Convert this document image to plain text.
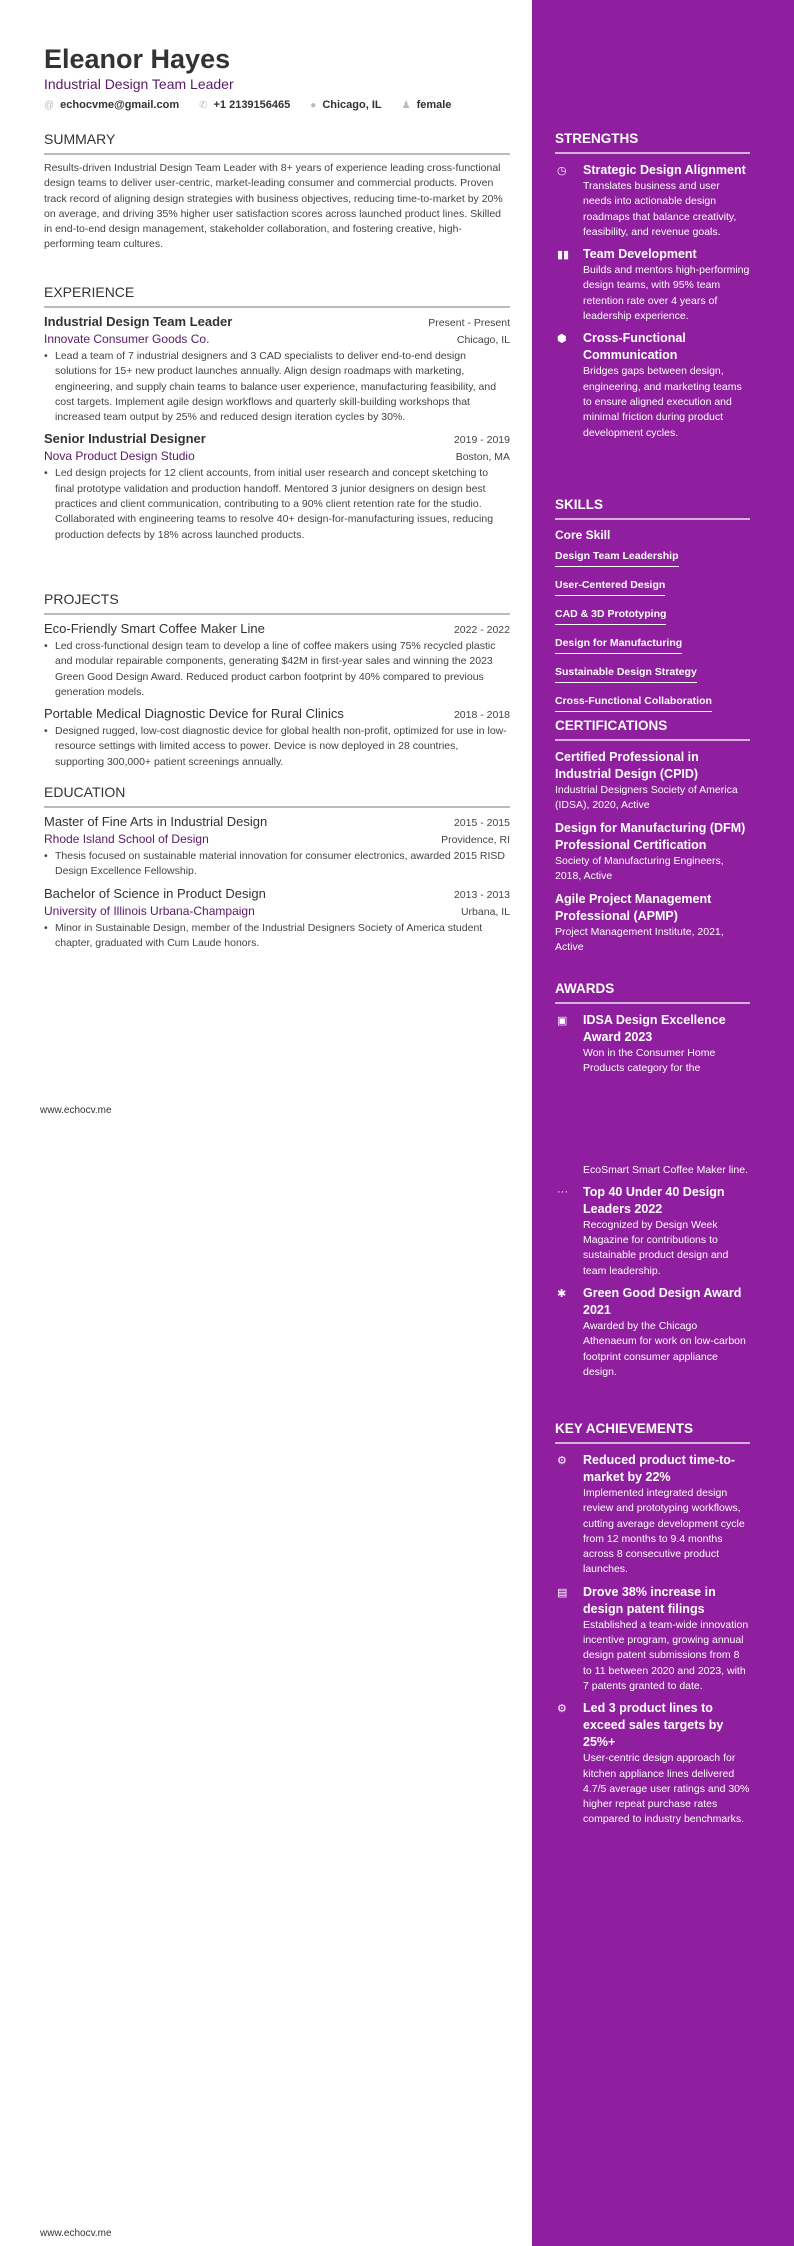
Eleanor Hayes
Industrial Design Team Leader
@ echocvme@gmail.com ✆ +1 2139156465 ● Chicago, IL ♟ female
SUMMARY

Results-driven Industrial Design Team Leader with 8+ years of experience leading cross-functional design teams to deliver user-centric, market-leading consumer and commercial products. Proven track record of aligning design strategies with business objectives, reducing time-to-market by 20% on average, and driving 35% higher user satisfaction scores across launched product lines. Skilled in end-to-end design management, stakeholder collaboration, and fostering creative, high-performing team cultures.

EXPERIENCE
Industrial Design Team Leader	Present - Present
Innovate Consumer Goods Co.	Chicago, IL
• Lead a team of 7 industrial designers and 3 CAD specialists to deliver end-to-end design solutions for 15+ new product launches annually. Align design roadmaps with marketing, engineering, and supply chain teams to balance user experience, manufacturing feasibility, and cost targets. Implement agile design workflows and quarterly skill-building workshops that increased team output by 25% and reduced design iteration cycles by 30%.
Senior Industrial Designer	2019 - 2019
Nova Product Design Studio	Boston, MA
• Led design projects for 12 client accounts, from initial user research and concept sketching to final prototype validation and production handoff. Mentored 3 junior designers on design best practices and client communication, contributing to a 90% client retention rate for the studio. Collaborated with engineering teams to resolve 40+ design-for-manufacturing issues, reducing production defects by 18% across launched products.
PROJECTS
Eco-Friendly Smart Coffee Maker Line	2022 - 2022
• Led cross-functional design team to develop a line of coffee makers using 75% recycled plastic and modular repairable components, generating $42M in first-year sales and winning the 2023 Green Good Design Award. Reduced product carbon footprint by 40% compared to previous generation models.
Portable Medical Diagnostic Device for Rural Clinics	2018 - 2018
• Designed rugged, low-cost diagnostic device for global health non-profit, optimized for use in low-resource settings with limited access to power. Device is now deployed in 28 countries, supporting 300,000+ patient screenings annually.
EDUCATION
Master of Fine Arts in Industrial Design	2015 - 2015
Rhode Island School of Design	Providence, RI
• Thesis focused on sustainable material innovation for consumer electronics, awarded 2015 RISD Design Excellence Fellowship.
Bachelor of Science in Product Design	2013 - 2013
University of Illinois Urbana-Champaign	Urbana, IL
• Minor in Sustainable Design, member of the Industrial Designers Society of America student chapter, graduated with Cum Laude honors.
www.echocv.me
www.echocv.me
STRENGTHS
◷	Strategic Design Alignment
Translates business and user needs into actionable design roadmaps that balance creativity, feasibility, and revenue goals.
▮▮	Team Development
Builds and mentors high-performing design teams, with 95% team retention rate over 4 years of leadership experience.
⬢	Cross-Functional Communication
Bridges gaps between design, engineering, and marketing teams to ensure aligned execution and minimal friction during product development cycles.
SKILLS
Core Skill
Design Team Leadership
User-Centered Design
CAD & 3D Prototyping
Design for Manufacturing
Sustainable Design Strategy
Cross-Functional Collaboration
CERTIFICATIONS
Certified Professional in Industrial Design (CPID)
Industrial Designers Society of America (IDSA), 2020, Active
Design for Manufacturing (DFM) Professional Certification
Society of Manufacturing Engineers, 2018, Active
Agile Project Management Professional (APMP)
Project Management Institute, 2021, Active
AWARDS
▣	IDSA Design Excellence Award 2023
Won in the Consumer Home Products category for the
EcoSmart Smart Coffee Maker line.
···	Top 40 Under 40 Design Leaders 2022
Recognized by Design Week Magazine for contributions to sustainable product design and team leadership.
✱	Green Good Design Award 2021
Awarded by the Chicago Athenaeum for work on low-carbon footprint consumer appliance design.
KEY ACHIEVEMENTS
⚙	Reduced product time-to-market by 22%
Implemented integrated design review and prototyping workflows, cutting average development cycle from 12 months to 9.4 months across 8 consecutive product launches.
▤	Drove 38% increase in design patent filings
Established a team-wide innovation incentive program, growing annual design patent submissions from 8 to 11 between 2020 and 2023, with 7 patents granted to date.
⚙	Led 3 product lines to exceed sales targets by 25%+
User-centric design approach for kitchen appliance lines delivered 4.7/5 average user ratings and 30% higher repeat purchase rates compared to industry benchmarks.
